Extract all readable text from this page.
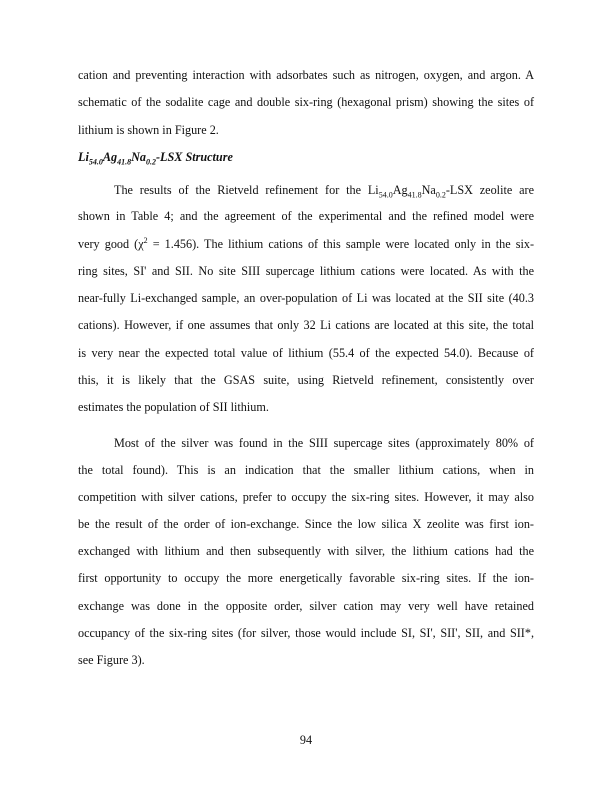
cation and preventing interaction with adsorbates such as nitrogen, oxygen, and argon. A
schematic of the sodalite cage and double six-ring (hexagonal prism) showing the sites of
lithium is shown in Figure 2.
$Li_{54.0}Ag_{41.8}Na_{0.2}$-LSX Structure
The results of the Rietveld refinement for the $Li_{54.0}Ag_{41.8}Na_{0.2}$-LSX zeolite are
shown in Table 4; and the agreement of the experimental and the refined model were
very good $(\chi^2 = 1.456)$. The lithium cations of this sample were located only in the six-
ring sites, SI' and SII. No site SIII supercage lithium cations were located. As with the
near-fully Li-exchanged sample, an over-population of Li was located at the SII site (40.3
cations). However, if one assumes that only 32 Li cations are located at this site, the total
is very near the expected total value of lithium (55.4 of the expected 54.0). Because of
this, it is likely that the GSAS suite, using Rietveld refinement, consistently over
estimates the population of SII lithium.
Most of the silver was found in the SIII supercage sites (approximately 80% of
the total found). This is an indication that the smaller lithium cations, when in
competition with silver cations, prefer to occupy the six-ring sites. However, it may also
be the result of the order of ion-exchange. Since the low silica X zeolite was first ion-
exchanged with lithium and then subsequently with silver, the lithium cations had the
first opportunity to occupy the more energetically favorable six-ring sites. If the ion-
exchange was done in the opposite order, silver cation may very well have retained
occupancy of the six-ring sites (for silver, those would include SI, SI', SII', SII, and SII*,
see Figure 3).
94
